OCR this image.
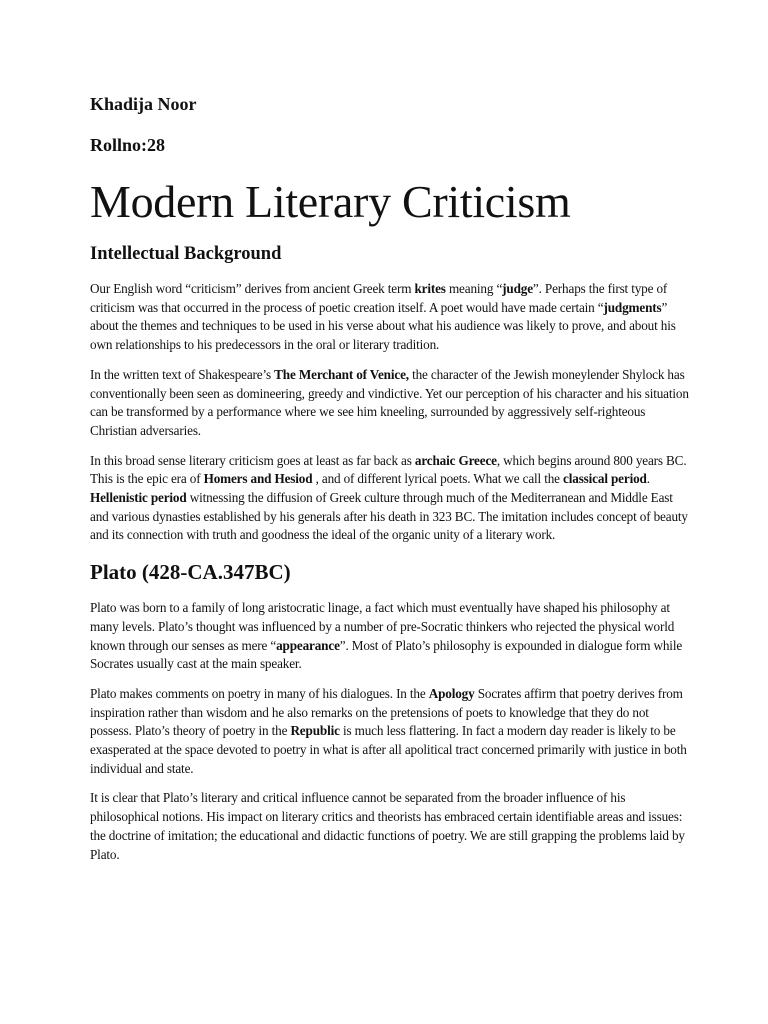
Khadija Noor
Rollno:28
Modern Literary Criticism
Intellectual Background

Our English word “criticism” derives from ancient Greek term krites meaning “judge”. Perhaps the first type of criticism was that occurred in the process of poetic creation itself. A poet would have made certain “judgments” about the themes and techniques to be used in his verse about what his audience was likely to prove, and about his own relationships to his predecessors in the oral or literary tradition.

In the written text of Shakespeare’s The Merchant of Venice, the character of the Jewish moneylender Shylock has conventionally been seen as domineering, greedy and vindictive. Yet our perception of his character and his situation can be transformed by a performance where we see him kneeling, surrounded by aggressively self-righteous Christian adversaries.

In this broad sense literary criticism goes at least as far back as archaic Greece, which begins around 800 years BC. This is the epic era of Homers and Hesiod , and of different lyrical poets. What we call the classical period. Hellenistic period witnessing the diffusion of Greek culture through much of the Mediterranean and Middle East and various dynasties established by his generals after his death in 323 BC. The imitation includes concept of beauty and its connection with truth and goodness the ideal of the organic unity of a literary work.

Plato (428-CA.347BC)

Plato was born to a family of long aristocratic linage, a fact which must eventually have shaped his philosophy at many levels. Plato’s thought was influenced by a number of pre-Socratic thinkers who rejected the physical world known through our senses as mere “appearance”. Most of Plato’s philosophy is expounded in dialogue form while Socrates usually cast at the main speaker.

Plato makes comments on poetry in many of his dialogues. In the Apology Socrates affirm that poetry derives from inspiration rather than wisdom and he also remarks on the pretensions of poets to knowledge that they do not possess. Plato’s theory of poetry in the Republic is much less flattering. In fact a modern day reader is likely to be exasperated at the space devoted to poetry in what is after all apolitical tract concerned primarily with justice in both individual and state.

It is clear that Plato’s literary and critical influence cannot be separated from the broader influence of his philosophical notions. His impact on literary critics and theorists has embraced certain identifiable areas and issues: the doctrine of imitation; the educational and didactic functions of poetry. We are still grapping the problems laid by Plato.
